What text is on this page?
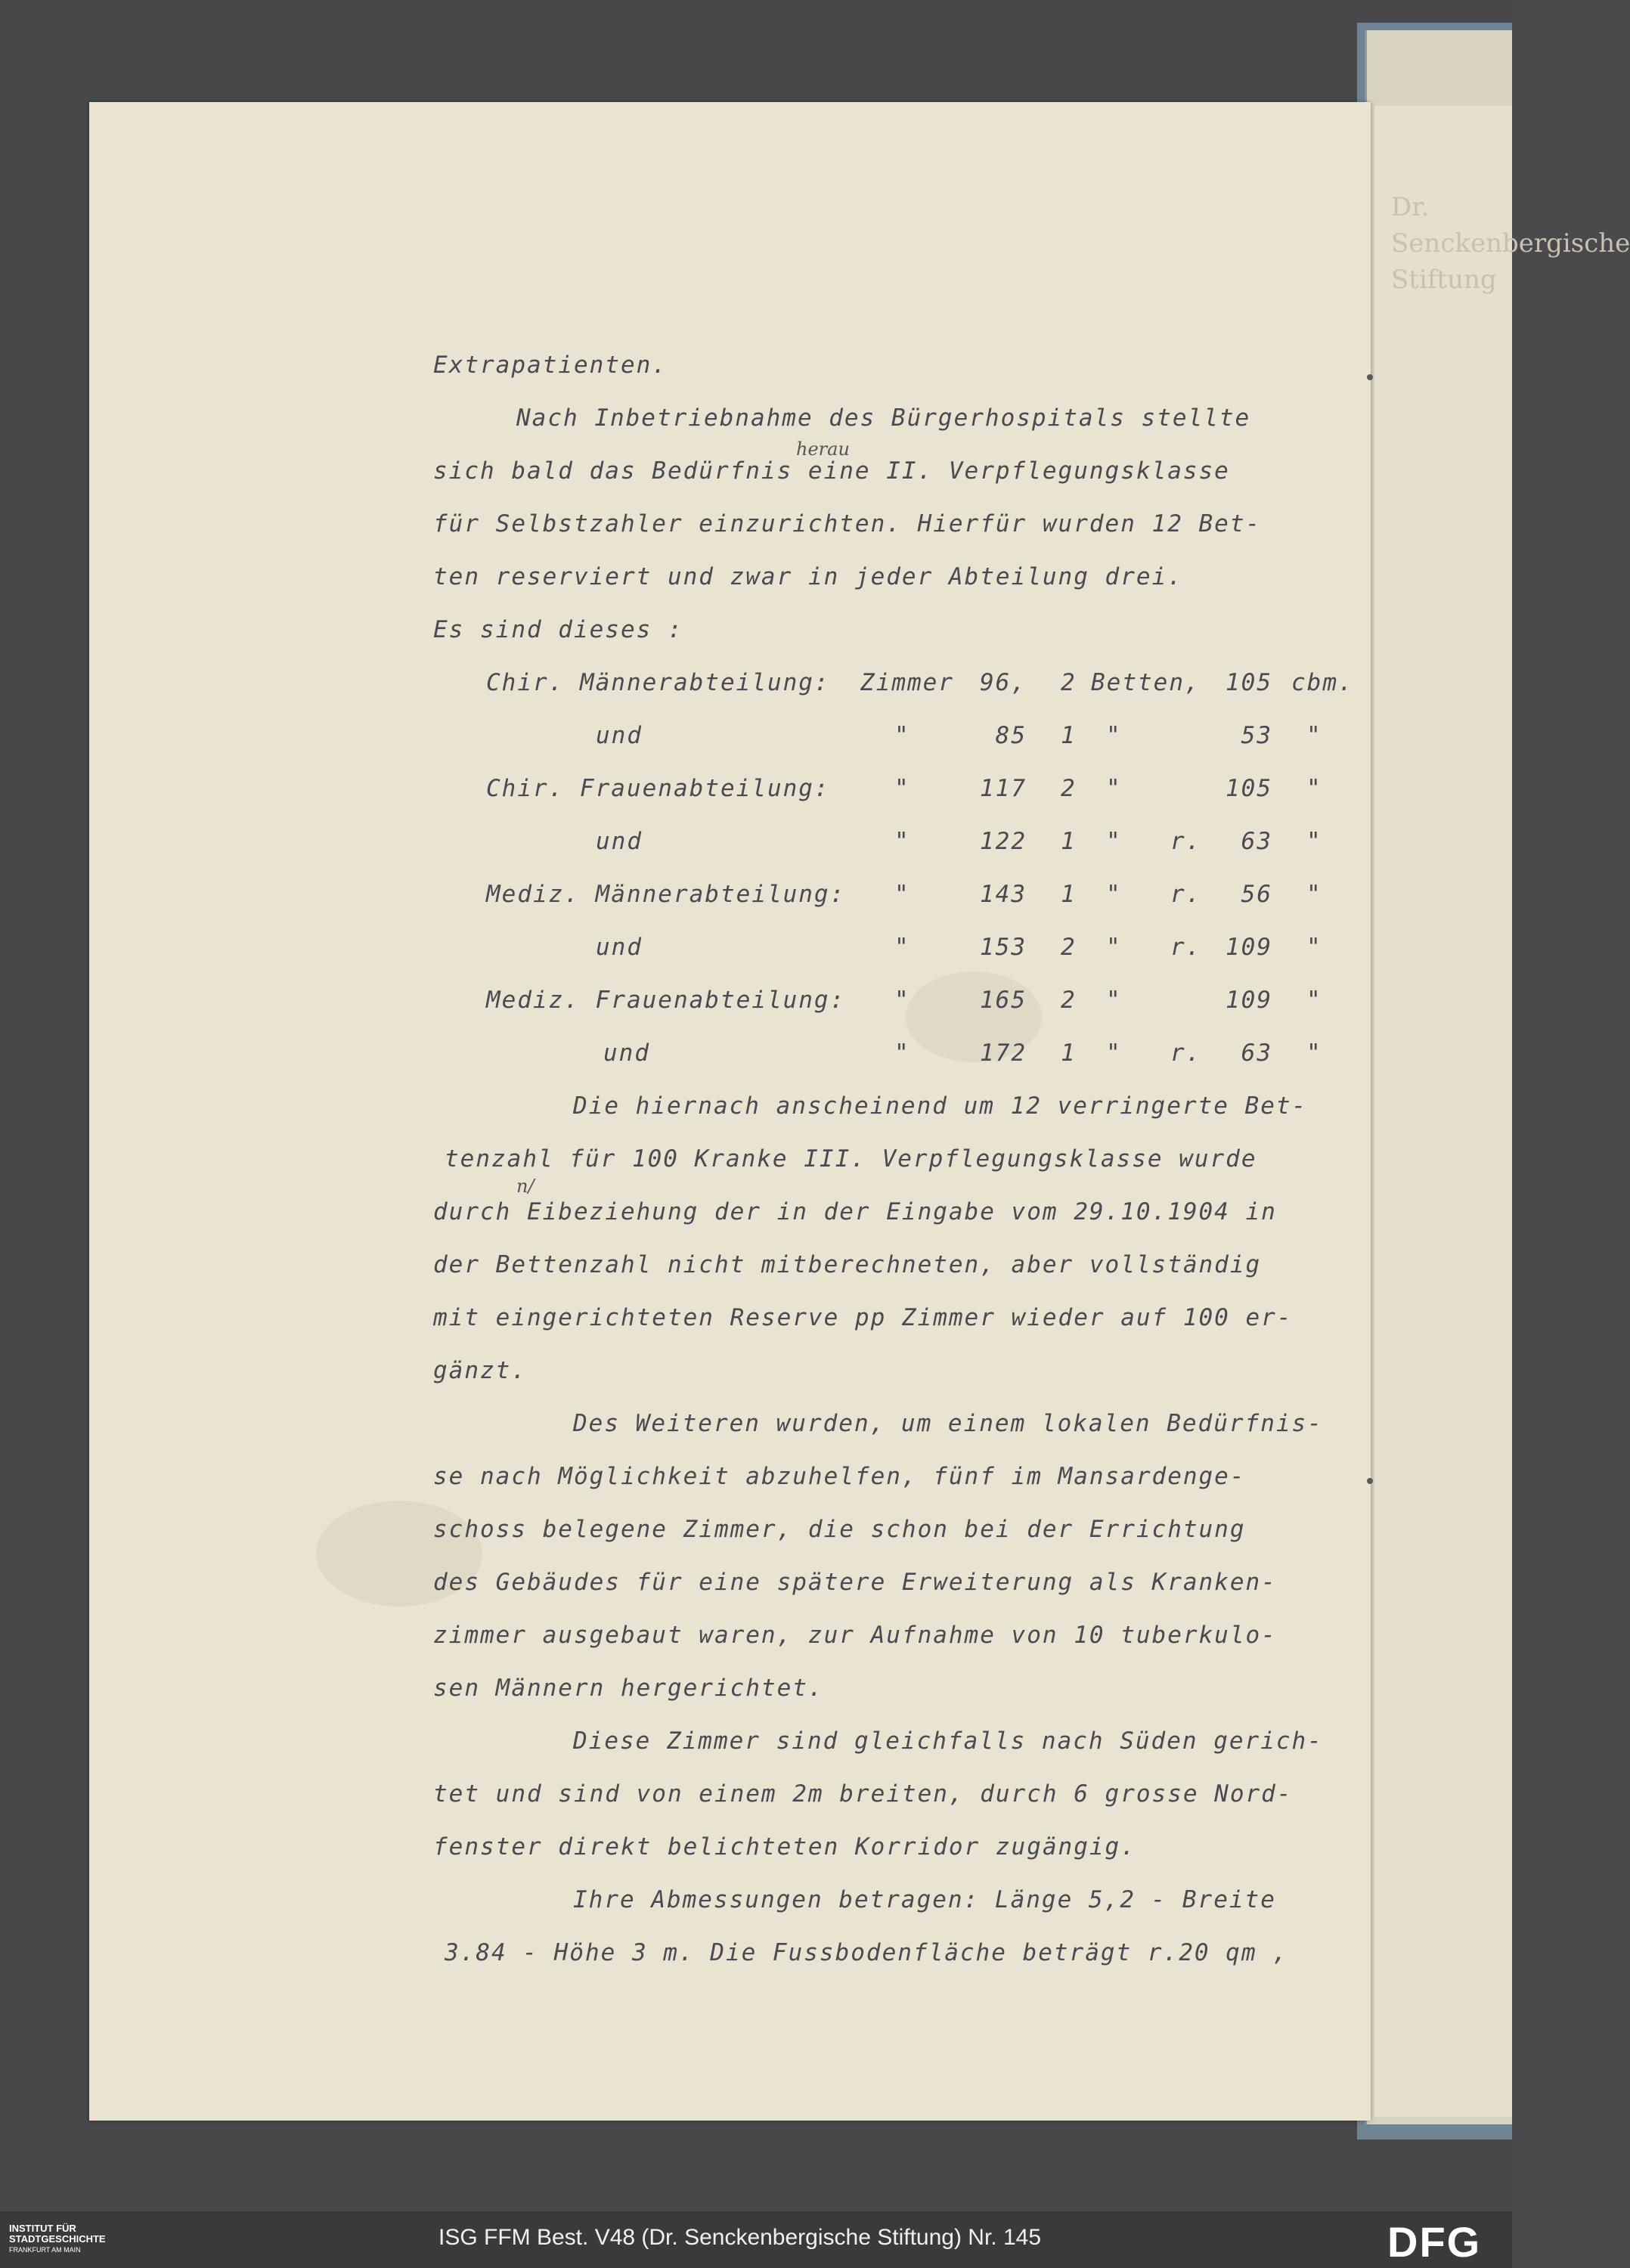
Dr. Senckenbergische Stiftung
Extrapatienten.
Nach Inbetriebnahme des Bürgerhospitals stellte
herau
sich bald das Bedürfnis eine II. Verpflegungsklasse
für Selbstzahler einzurichten. Hierfür wurden 12 Bet-
ten reserviert und zwar in jeder Abteilung drei.
Es sind dieses :
Chir. Männerabteilung: Zimmer	96, 2 Betten,	105 cbm.
und	"	85 1 "	53 "
Chir. Frauenabteilung:	"	117 2 "	105 "
und	"	122 1 " r.	63 "
Mediz. Männerabteilung: "	143 1 " r.	56 "
und	"	153 2 " r.	109 "
Mediz. Frauenabteilung: "	165 2 "	109 "
und	"	172 1 " r.	63 "
Die hiernach anscheinend um 12 verringerte Bet-
tenzahl für 100 Kranke III. Verpflegungsklasse wurde
n/
durch Eibeziehung der in der Eingabe vom 29.10.1904 in
der Bettenzahl nicht mitberechneten, aber vollständig
mit eingerichteten Reserve pp Zimmer wieder auf 100 er-
gänzt.
Des Weiteren wurden, um einem lokalen Bedürfnis-
se nach Möglichkeit abzuhelfen, fünf im Mansardenge-
schoss belegene Zimmer, die schon bei der Errichtung
des Gebäudes für eine spätere Erweiterung als Kranken-
zimmer ausgebaut waren, zur Aufnahme von 10 tuberkulo-
sen Männern hergerichtet.
Diese Zimmer sind gleichfalls nach Süden gerich-
tet und sind von einem 2m breiten, durch 6 grosse Nord-
fenster direkt belichteten Korridor zugängig.
Ihre Abmessungen betragen: Länge 5,2 - Breite
3.84 - Höhe 3 m. Die Fussbodenfläche beträgt r.20 qm ,
INSTITUT FÜR
STADTGESCHICHTE
FRANKFURT AM MAIN	ISG FFM Best. V48 (Dr. Senckenbergische Stiftung) Nr. 145	DFG
